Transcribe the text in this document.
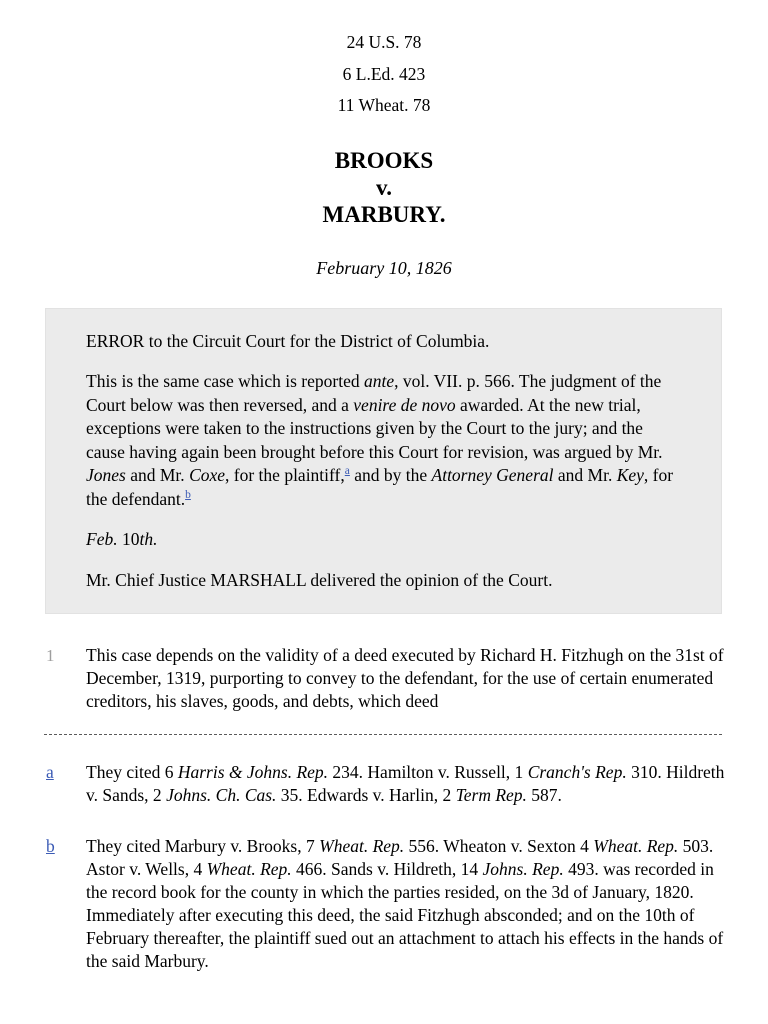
24 U.S. 78
6 L.Ed. 423
11 Wheat. 78
BROOKS
v.
MARBURY.
February 10, 1826

ERROR to the Circuit Court for the District of Columbia.

This is the same case which is reported ante, vol. VII. p. 566. The judgment of the Court below was then reversed, and a venire de novo awarded. At the new trial, exceptions were taken to the instructions given by the Court to the jury; and the cause having again been brought before this Court for revision, was argued by Mr. Jones and Mr. Coxe, for the plaintiff,$^a$ and by the Attorney General and Mr. Key, for the defendant.$^b$

Feb. 10th.

Mr. Chief Justice MARSHALL delivered the opinion of the Court.

1	This case depends on the validity of a deed executed by Richard H. Fitzhugh on the 31st of December, 1319, purporting to convey to the defendant, for the use of certain enumerated creditors, his slaves, goods, and debts, which deed
a	They cited 6 Harris & Johns. Rep. 234. Hamilton v. Russell, 1 Cranch's Rep. 310. Hildreth v. Sands, 2 Johns. Ch. Cas. 35. Edwards v. Harlin, 2 Term Rep. 587.
b	They cited Marbury v. Brooks, 7 Wheat. Rep. 556. Wheaton v. Sexton 4 Wheat. Rep. 503. Astor v. Wells, 4 Wheat. Rep. 466. Sands v. Hildreth, 14 Johns. Rep. 493. was recorded in the record book for the county in which the parties resided, on the 3d of January, 1820. Immediately after executing this deed, the said Fitzhugh absconded; and on the 10th of February thereafter, the plaintiff sued out an attachment to attach his effects in the hands of the said Marbury.
